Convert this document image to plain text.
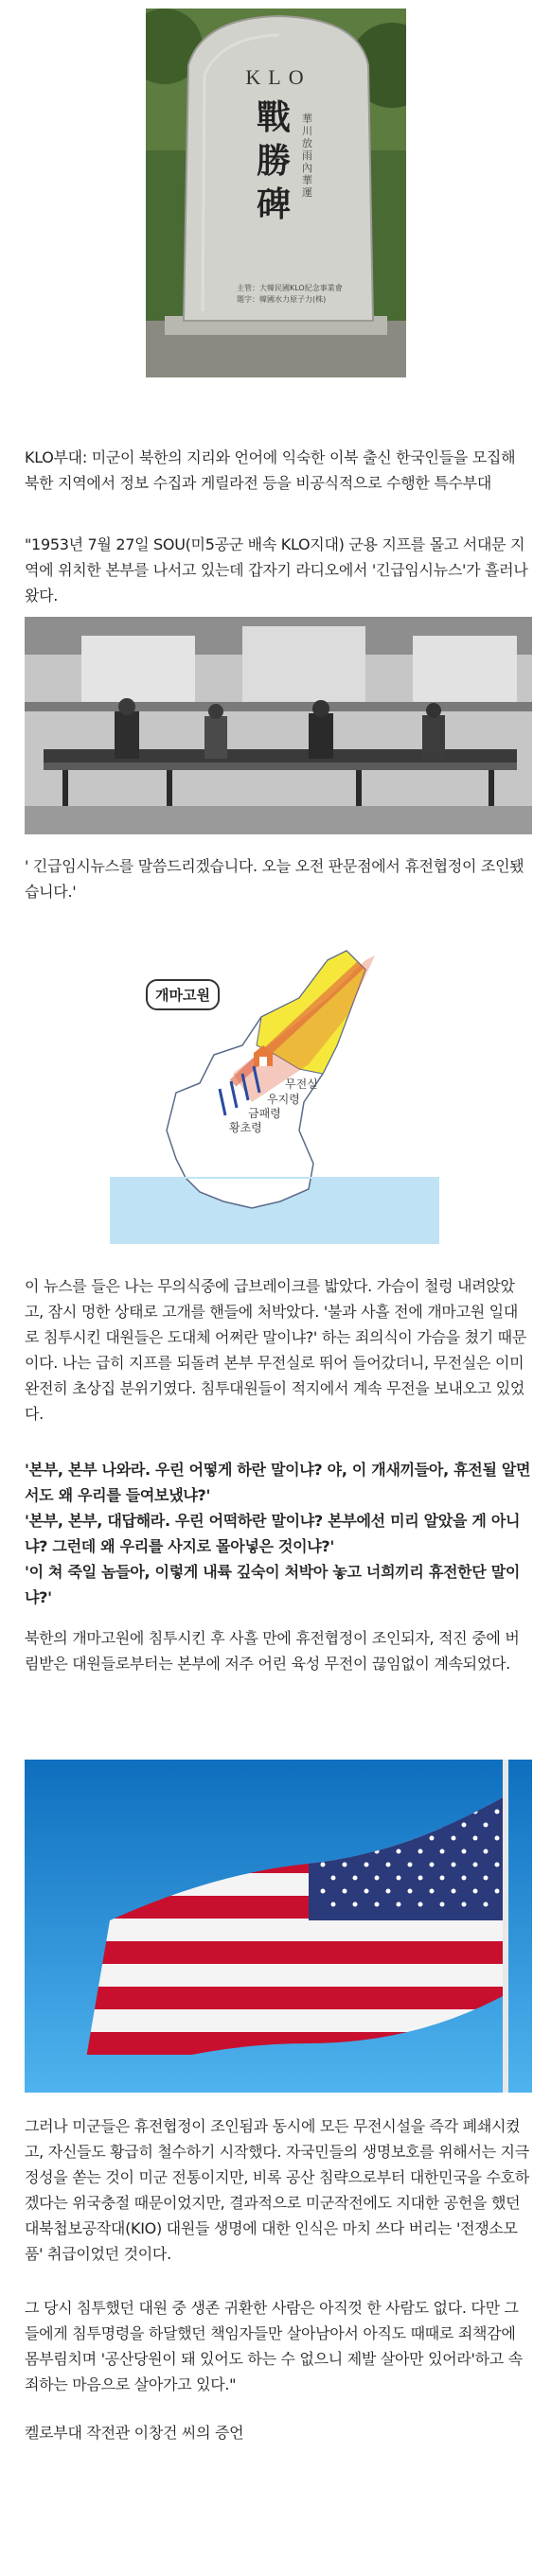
KLO
戰勝碑
華川放雨內華運
主管：大韓民國KLO紀念事業會
題字：韓國水力原子力(株)
KLO부대: 미군이 북한의 지리와 언어에 익숙한 이북 출신 한국인들을 모집해 북한 지역에서 정보 수집과 게릴라전 등을 비공식적으로 수행한 특수부대
"1953년 7월 27일 SOU(미5공군 배속 KLO지대) 군용 지프를 몰고 서대문 지역에 위치한 본부를 나서고 있는데 갑자기 라디오에서 '긴급임시뉴스'가 흘러나왔다.
' 긴급임시뉴스를 말씀드리겠습니다. 오늘 오전 판문점에서 휴전협정이 조인됐습니다.'
개마고원
무전실
우지령
금패령
황초령
이 뉴스를 들은 나는 무의식중에 급브레이크를 밟았다. 가슴이 철렁 내려앉았고, 잠시 멍한 상태로 고개를 핸들에 처박았다. '불과 사흘 전에 개마고원 일대로 침투시킨 대원들은 도대체 어쩌란 말이냐?' 하는 죄의식이 가슴을 쳤기 때문이다. 나는 급히 지프를 되돌려 본부 무전실로 뛰어 들어갔더니, 무전실은 이미 완전히 초상집 분위기였다. 침투대원들이 적지에서 계속 무전을 보내오고 있었다.
'본부, 본부 나와라. 우린 어떻게 하란 말이냐? 야, 이 개새끼들아, 휴전될 알면서도 왜 우리를 들여보냈냐?'
'본부, 본부, 대답해라. 우린 어떡하란 말이냐? 본부에선 미리 알았을 게 아니냐? 그런데 왜 우리를 사지로 몰아넣은 것이냐?'
'이 쳐 죽일 놈들아, 이렇게 내륙 깊숙이 처박아 놓고 너희끼리 휴전한단 말이냐?'
북한의 개마고원에 침투시킨 후 사흘 만에 휴전협정이 조인되자, 적진 중에 버림받은 대원들로부터는 본부에 저주 어린 육성 무전이 끊임없이 계속되었다.
그러나 미군들은 휴전협정이 조인됨과 동시에 모든 무전시설을 즉각 폐쇄시켰고, 자신들도 황급히 철수하기 시작했다. 자국민들의 생명보호를 위해서는 지극정성을 쏟는 것이 미군 전통이지만, 비록 공산 침략으로부터 대한민국을 수호하겠다는 위국충절 때문이었지만, 결과적으로 미군작전에도 지대한 공헌을 했던 대북첩보공작대(KIO) 대원들 생명에 대한 인식은 마치 쓰다 버리는 '전쟁소모품' 취급이었던 것이다.
그 당시 침투했던 대원 중 생존 귀환한 사람은 아직껏 한 사람도 없다. 다만 그들에게 침투명령을 하달했던 책임자들만 살아남아서 아직도 때때로 죄책감에 몸부림치며 '공산당원이 돼 있어도 하는 수 없으니 제발 살아만 있어라'하고 속죄하는 마음으로 살아가고 있다."
켈로부대 작전관 이창건 씨의 증언
